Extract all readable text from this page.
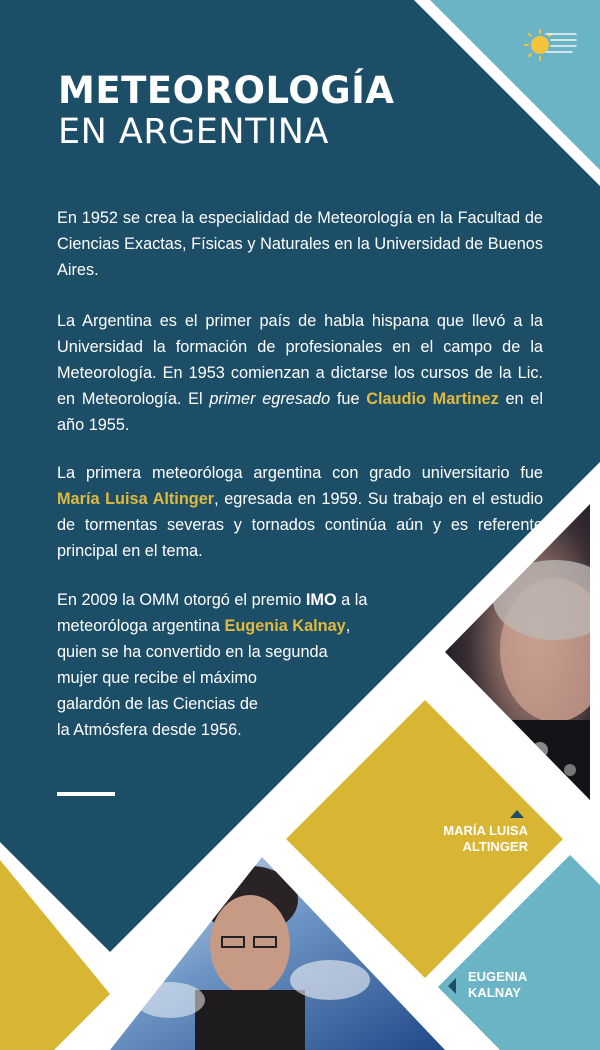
METEOROLOGÍA
EN ARGENTINA

En 1952 se crea la especialidad de Meteorología en la Facultad de Ciencias Exactas, Físicas y Naturales en la Universidad de Buenos Aires.

La Argentina es el primer país de habla hispana que llevó a la Universidad la formación de profesionales en el campo de la Meteorología. En 1953 comienzan a dictarse los cursos de la Lic. en Meteorología. El primer egresado fue Claudio Martinez en el año 1955.

La primera meteoróloga argentina con grado universitario fue María Luisa Altinger, egresada en 1959. Su trabajo en el estudio de tormentas severas y tornados continúa aún y es referente principal en el tema.

En 2009 la OMM otorgó el premio IMO a la
meteoróloga argentina Eugenia Kalnay,
quien se ha convertido en la segunda
mujer que recibe el máximo
galardón de las Ciencias de
la Atmósfera desde 1956.

MARÍA LUISA
ALTINGER

EUGENIA
KALNAY
